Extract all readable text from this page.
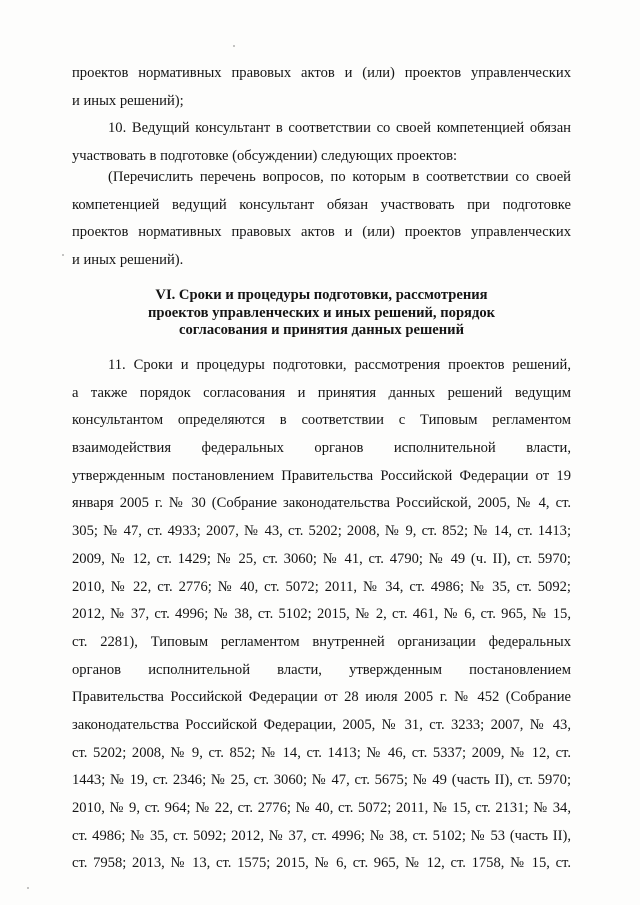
проектов нормативных правовых актов и (или) проектов управленческих
и иных решений);
10. Ведущий консультант в соответствии со своей компетенцией обязан
участвовать в подготовке (обсуждении) следующих проектов:
(Перечислить перечень вопросов, по которым в соответствии со своей
компетенцией ведущий консультант обязан участвовать при подготовке
проектов нормативных правовых актов и (или) проектов управленческих
и иных решений).
VI. Сроки и процедуры подготовки, рассмотрения
проектов управленческих и иных решений, порядок
согласования и принятия данных решений
11. Сроки и процедуры подготовки, рассмотрения проектов решений,
а также порядок согласования и принятия данных решений ведущим
консультантом определяются в соответствии с Типовым регламентом
взаимодействия федеральных органов исполнительной власти,
утвержденным постановлением Правительства Российской Федерации от 19
января 2005 г. № 30 (Собрание законодательства Российской, 2005, № 4, ст.
305; № 47, ст. 4933; 2007, № 43, ст. 5202; 2008, № 9, ст. 852; № 14, ст. 1413;
2009, № 12, ст. 1429; № 25, ст. 3060; № 41, ст. 4790; № 49 (ч. II), ст. 5970;
2010, № 22, ст. 2776; № 40, ст. 5072; 2011, № 34, ст. 4986; № 35, ст. 5092;
2012, № 37, ст. 4996; № 38, ст. 5102; 2015, № 2, ст. 461, № 6, ст. 965, № 15,
ст. 2281), Типовым регламентом внутренней организации федеральных
органов исполнительной власти, утвержденным постановлением
Правительства Российской Федерации от 28 июля 2005 г. № 452 (Собрание
законодательства Российской Федерации, 2005, № 31, ст. 3233; 2007, № 43,
ст. 5202; 2008, № 9, ст. 852; № 14, ст. 1413; № 46, ст. 5337; 2009, № 12, ст.
1443; № 19, ст. 2346; № 25, ст. 3060; № 47, ст. 5675; № 49 (часть II), ст. 5970;
2010, № 9, ст. 964; № 22, ст. 2776; № 40, ст. 5072; 2011, № 15, ст. 2131; № 34,
ст. 4986; № 35, ст. 5092; 2012, № 37, ст. 4996; № 38, ст. 5102; № 53 (часть II),
ст. 7958; 2013, № 13, ст. 1575; 2015, № 6, ст. 965, № 12, ст. 1758, № 15, ст.
